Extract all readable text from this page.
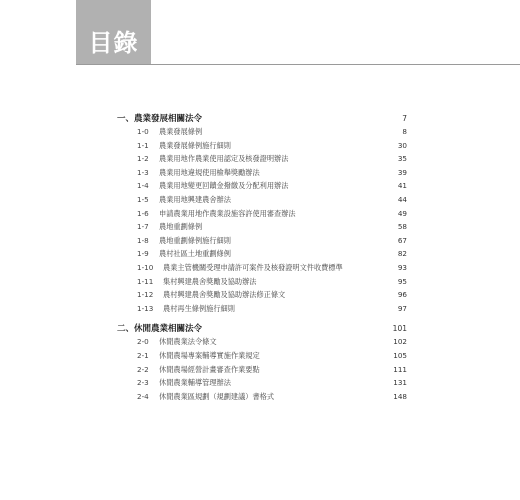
目錄
一、農業發展相關法令	7
1-0	農業發展條例	8
1-1	農業發展條例施行細則	30
1-2	農業用地作農業使用認定及核發證明辦法	35
1-3	農業用地違規使用檢舉獎勵辦法	39
1-4	農業用地變更回饋金撥繳及分配利用辦法	41
1-5	農業用地興建農舍辦法	44
1-6	申請農業用地作農業設施容許使用審查辦法	49
1-7	農地重劃條例	58
1-8	農地重劃條例施行細則	67
1-9	農村社區土地重劃條例	82
1-10	農業主管機關受理申請許可案件及核發證明文件收費標準	93
1-11	集村興建農舍獎勵及協助辦法	95
1-12	農村興建農舍獎勵及協助辦法修正條文	96
1-13	農村再生條例施行細則	97
二、休閒農業相關法令	101
2-0	休閒農業法令條文	102
2-1	休閒農場專案輔導實施作業規定	105
2-2	休閒農場經營計畫審查作業要點	111
2-3	休閒農業輔導管理辦法	131
2-4	休閒農業區規劃（規劃建議）書格式	148
